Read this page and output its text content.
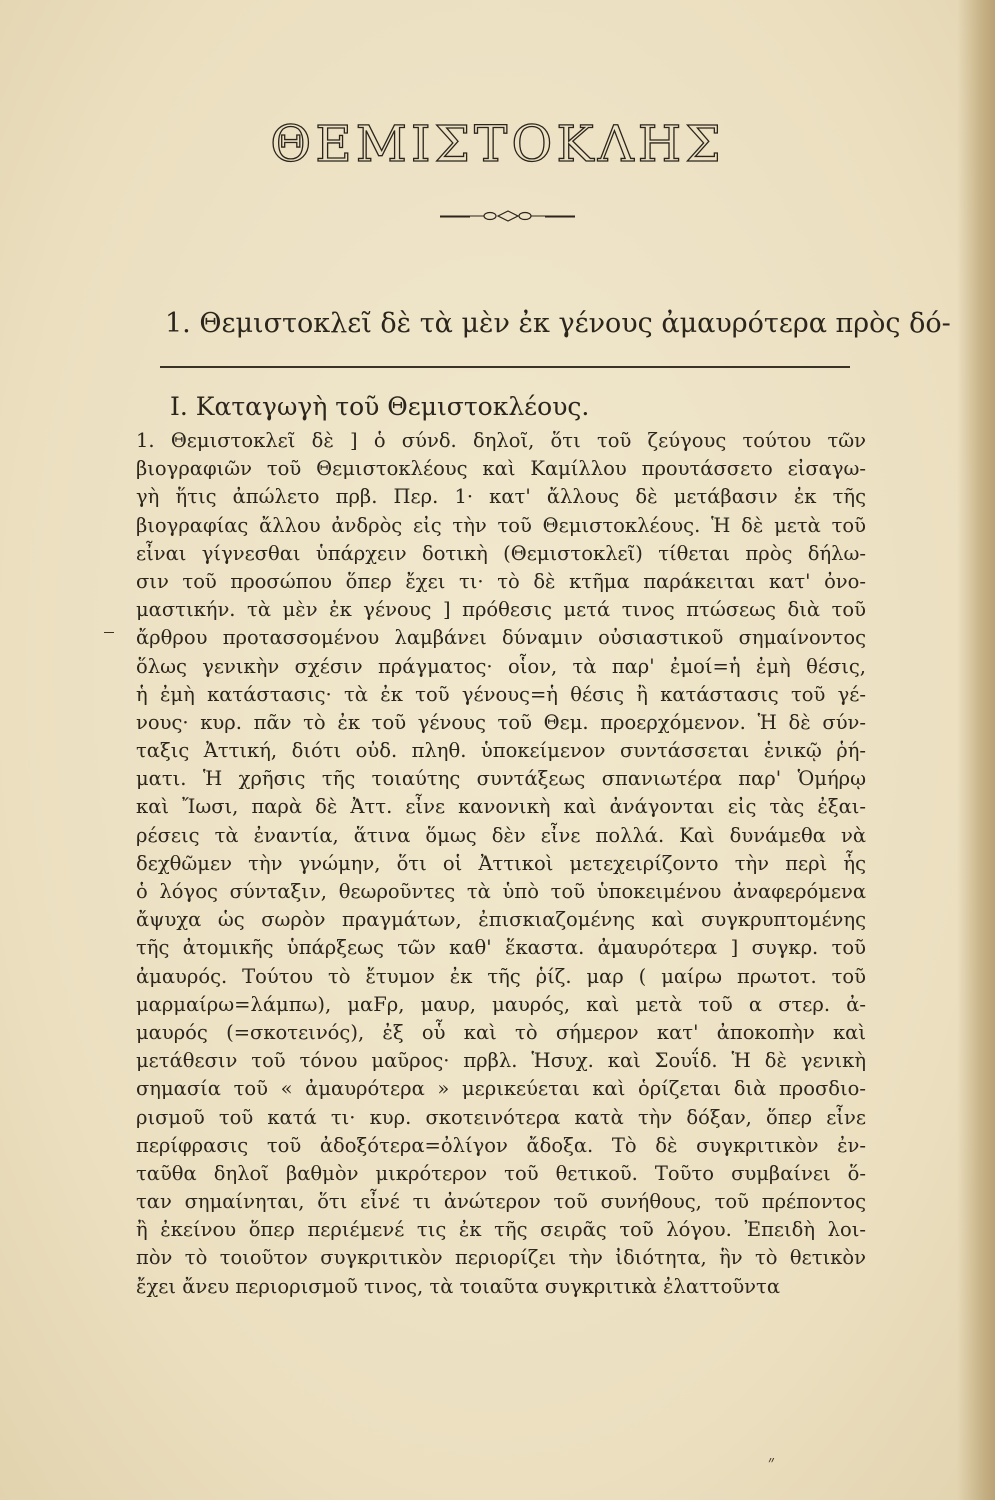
ΘΕΜΙΣΤΟΚΛΗΣ
1. Θεμιστοκλεῖ δὲ τὰ μὲν ἐκ γένους ἀμαυρότερα πρὸς δό-
I. Καταγωγὴ τοῦ Θεμιστοκλέους.
1. Θεμιστοκλεῖ δὲ ] ὁ σύνδ. δηλοῖ, ὅτι τοῦ ζεύγους τούτου τῶν
βιογραφιῶν τοῦ Θεμιστοκλέους καὶ Καμίλλου προυτάσσετο εἰσαγω-
γὴ ἥτις ἀπώλετο πρβ. Περ. 1· κατ' ἄλλους δὲ μετάβασιν ἐκ τῆς
βιογραφίας ἄλλου ἀνδρὸς εἰς τὴν τοῦ Θεμιστοκλέους. Ἡ δὲ μετὰ τοῦ
εἶναι γίγνεσθαι ὑπάρχειν δοτικὴ (Θεμιστοκλεῖ) τίθεται πρὸς δήλω-
σιν τοῦ προσώπου ὅπερ ἔχει τι· τὸ δὲ κτῆμα παράκειται κατ' ὀνο-
μαστικήν. τὰ μὲν ἐκ γένους ] πρόθεσις μετά τινος πτώσεως διὰ τοῦ
ἄρθρου προτασσομένου λαμβάνει δύναμιν οὐσιαστικοῦ σημαίνοντος
ὅλως γενικὴν σχέσιν πράγματος· οἷον, τὰ παρ' ἐμοί=ἡ ἐμὴ θέσις,
ἡ ἐμὴ κατάστασις· τὰ ἐκ τοῦ γένους=ἡ θέσις ἢ κατάστασις τοῦ γέ-
νους· κυρ. πᾶν τὸ ἐκ τοῦ γένους τοῦ Θεμ. προερχόμενον. Ἡ δὲ σύν-
ταξις Ἀττική, διότι οὐδ. πληθ. ὑποκείμενον συντάσσεται ἑνικῷ ῥή-
ματι. Ἡ χρῆσις τῆς τοιαύτης συντάξεως σπανιωτέρα παρ' Ὁμήρῳ
καὶ Ἴωσι, παρὰ δὲ Ἀττ. εἶνε κανονικὴ καὶ ἀνάγονται εἰς τὰς ἐξαι-
ρέσεις τὰ ἐναντία, ἅτινα ὅμως δὲν εἶνε πολλά. Καὶ δυνάμεθα νὰ
δεχθῶμεν τὴν γνώμην, ὅτι οἱ Ἀττικοὶ μετεχειρίζοντο τὴν περὶ ἧς
ὁ λόγος σύνταξιν, θεωροῦντες τὰ ὑπὸ τοῦ ὑποκειμένου ἀναφερόμενα
ἄψυχα ὡς σωρὸν πραγμάτων, ἐπισκιαζομένης καὶ συγκρυπτομένης
τῆς ἀτομικῆς ὑπάρξεως τῶν καθ' ἕκαστα. ἀμαυρότερα ] συγκρ. τοῦ
ἀμαυρός. Τούτου τὸ ἔτυμον ἐκ τῆς ῥίζ. μαρ ( μαίρω πρωτοτ. τοῦ
μαρμαίρω=λάμπω), μαFρ, μαυρ, μαυρός, καὶ μετὰ τοῦ α στερ. ἀ-
μαυρός (=σκοτεινός), ἐξ οὗ καὶ τὸ σήμερον κατ' ἀποκοπὴν καὶ
μετάθεσιν τοῦ τόνου μαῦρος· πρβλ. Ἡσυχ. καὶ Σουΐδ. Ἡ δὲ γενικὴ
σημασία τοῦ « ἀμαυρότερα » μερικεύεται καὶ ὁρίζεται διὰ προσδιο-
ρισμοῦ τοῦ κατά τι· κυρ. σκοτεινότερα κατὰ τὴν δόξαν, ὅπερ εἶνε
περίφρασις τοῦ ἀδοξότερα=ὀλίγον ἄδοξα. Τὸ δὲ συγκριτικὸν ἐν-
ταῦθα δηλοῖ βαθμὸν μικρότερον τοῦ θετικοῦ. Τοῦτο συμβαίνει ὅ-
ταν σημαίνηται, ὅτι εἶνέ τι ἀνώτερον τοῦ συνήθους, τοῦ πρέποντος
ἢ ἐκείνου ὅπερ περιέμενέ τις ἐκ τῆς σειρᾶς τοῦ λόγου. Ἐπειδὴ λοι-
πὸν τὸ τοιοῦτον συγκριτικὸν περιορίζει τὴν ἰδιότητα, ἣν τὸ θετικὸν
ἔχει ἄνευ περιορισμοῦ τινος, τὰ τοιαῦτα συγκριτικὰ ἐλαττοῦντα
״
